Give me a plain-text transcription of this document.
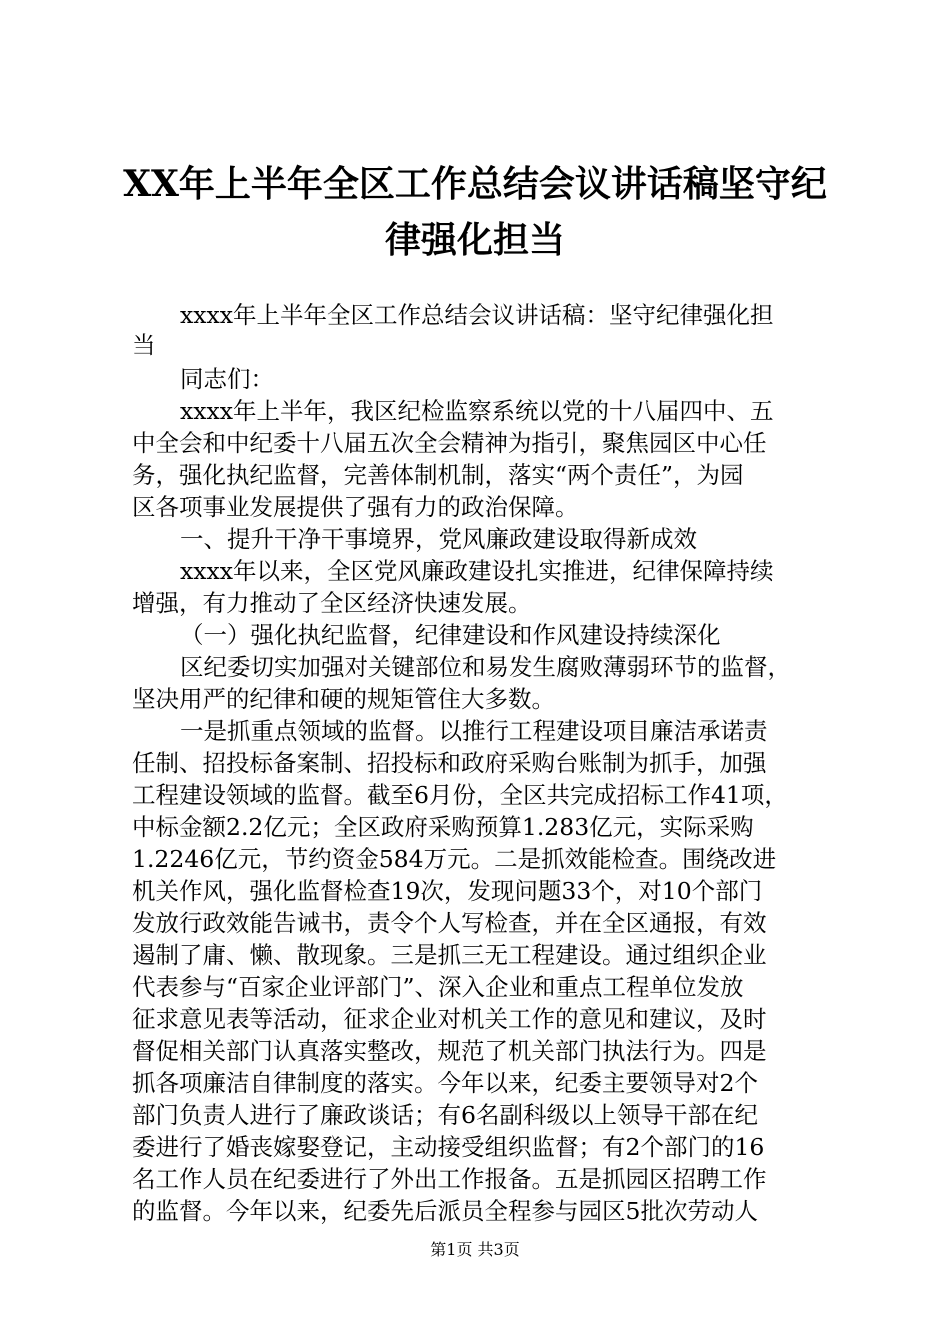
XX年上半年全区工作总结会议讲话稿坚守纪
律强化担当
xxxx年上半年全区工作总结会议讲话稿：坚守纪律强化担
当
同志们：
xxxx年上半年，我区纪检监察系统以党的十八届四中、五
中全会和中纪委十八届五次全会精神为指引，聚焦园区中心任
务，强化执纪监督，完善体制机制，落实“两个责任”，为园
区各项事业发展提供了强有力的政治保障。
一、提升干净干事境界，党风廉政建设取得新成效
xxxx年以来，全区党风廉政建设扎实推进，纪律保障持续
增强，有力推动了全区经济快速发展。
（一）强化执纪监督，纪律建设和作风建设持续深化
区纪委切实加强对关键部位和易发生腐败薄弱环节的监督，
坚决用严的纪律和硬的规矩管住大多数。
一是抓重点领域的监督。以推行工程建设项目廉洁承诺责
任制、招投标备案制、招投标和政府采购台账制为抓手，加强
工程建设领域的监督。截至6月份，全区共完成招标工作41项，
中标金额2.2亿元；全区政府采购预算1.283亿元，实际采购
1.2246亿元，节约资金584万元。二是抓效能检查。围绕改进
机关作风，强化监督检查19次，发现问题33个，对10个部门
发放行政效能告诫书，责令个人写检查，并在全区通报，有效
遏制了庸、懒、散现象。三是抓三无工程建设。通过组织企业
代表参与“百家企业评部门”、深入企业和重点工程单位发放
征求意见表等活动，征求企业对机关工作的意见和建议，及时
督促相关部门认真落实整改，规范了机关部门执法行为。四是
抓各项廉洁自律制度的落实。今年以来，纪委主要领导对2个
部门负责人进行了廉政谈话；有6名副科级以上领导干部在纪
委进行了婚丧嫁娶登记，主动接受组织监督；有2个部门的16
名工作人员在纪委进行了外出工作报备。五是抓园区招聘工作
的监督。今年以来，纪委先后派员全程参与园区5批次劳动人
第1页 共3页
